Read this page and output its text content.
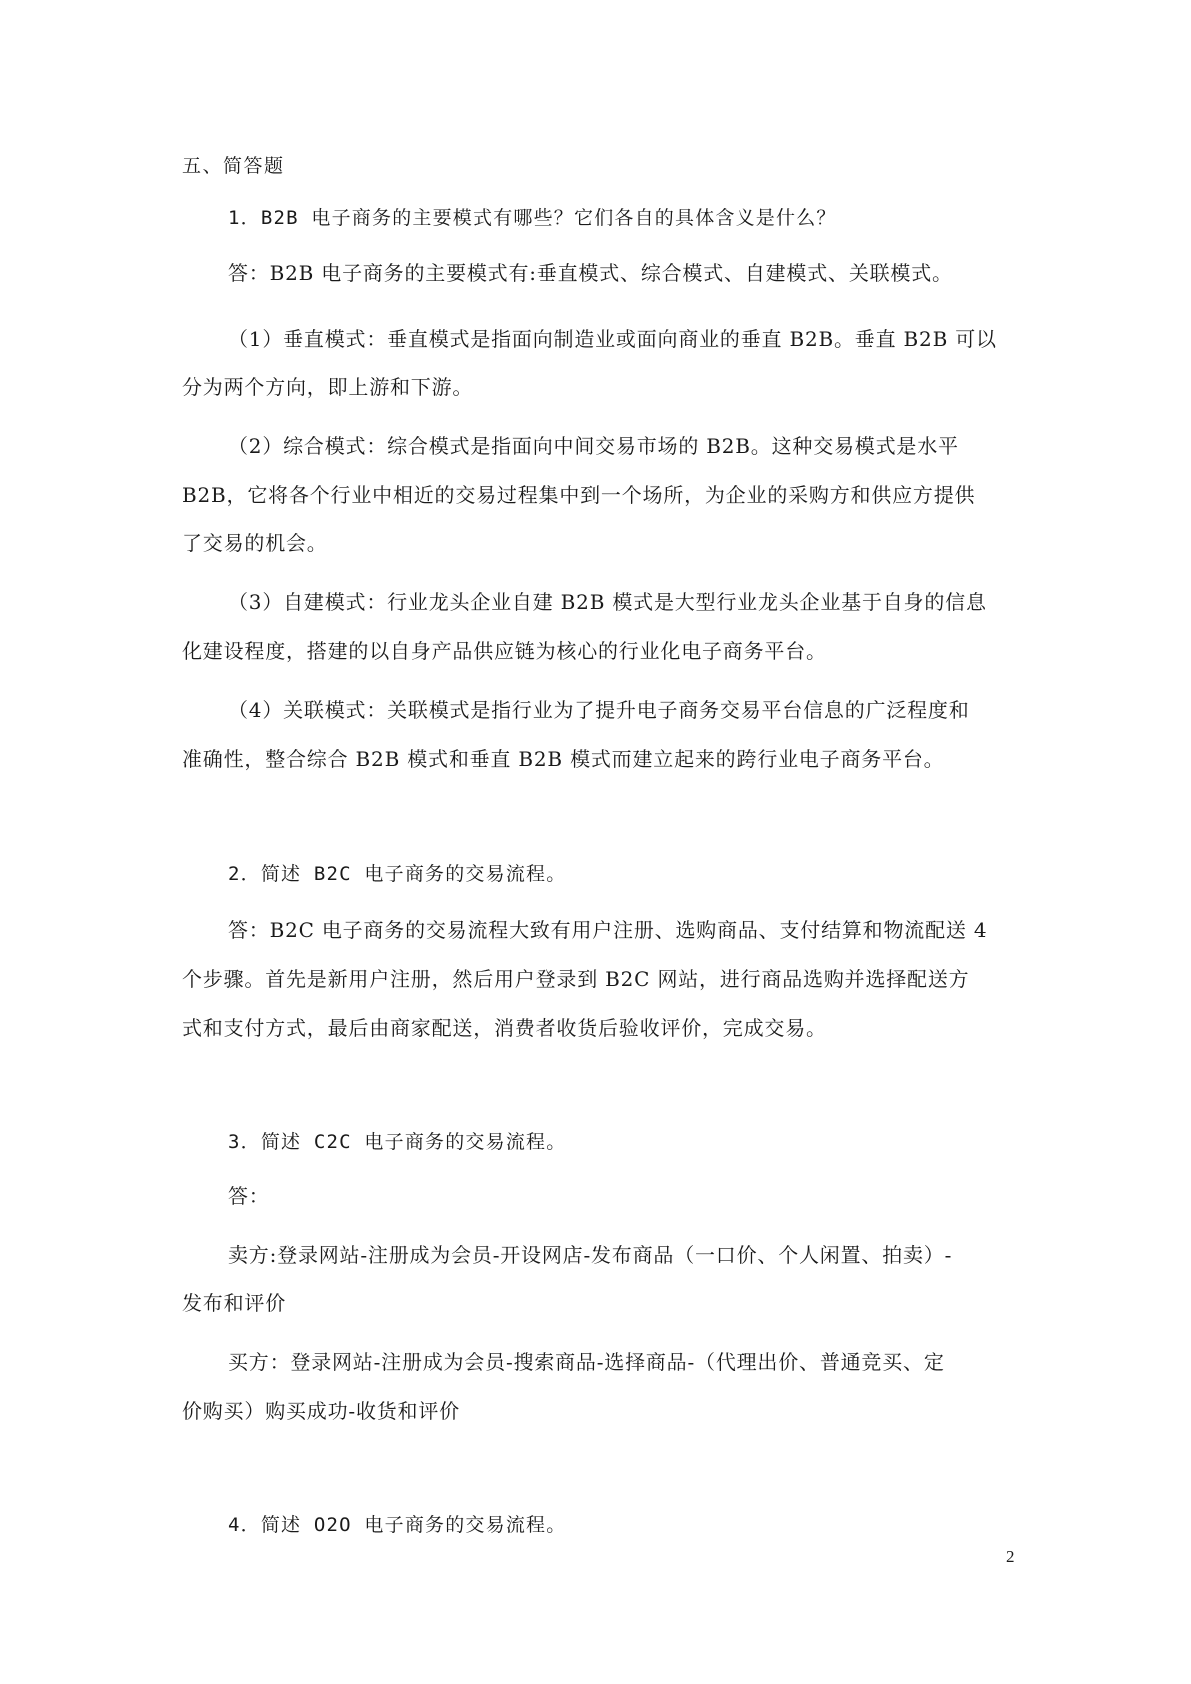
五、简答题
1．B2B 电子商务的主要模式有哪些？它们各自的具体含义是什么？
答：B2B 电子商务的主要模式有:垂直模式、综合模式、自建模式、关联模式。
（1）垂直模式：垂直模式是指面向制造业或面向商业的垂直 B2B。垂直 B2B 可以
分为两个方向，即上游和下游。
（2）综合模式：综合模式是指面向中间交易市场的 B2B。这种交易模式是水平
B2B，它将各个行业中相近的交易过程集中到一个场所，为企业的采购方和供应方提供
了交易的机会。
（3）自建模式：行业龙头企业自建 B2B 模式是大型行业龙头企业基于自身的信息
化建设程度，搭建的以自身产品供应链为核心的行业化电子商务平台。
（4）关联模式：关联模式是指行业为了提升电子商务交易平台信息的广泛程度和
准确性，整合综合 B2B 模式和垂直 B2B 模式而建立起来的跨行业电子商务平台。
2．简述 B2C 电子商务的交易流程。
答：B2C 电子商务的交易流程大致有用户注册、选购商品、支付结算和物流配送 4
个步骤。首先是新用户注册，然后用户登录到 B2C 网站，进行商品选购并选择配送方
式和支付方式，最后由商家配送，消费者收货后验收评价，完成交易。
3．简述 C2C 电子商务的交易流程。
答：
卖方:登录网站-注册成为会员-开设网店-发布商品（一口价、个人闲置、拍卖）-
发布和评价
买方：登录网站-注册成为会员-搜索商品-选择商品-（代理出价、普通竞买、定
价购买）购买成功-收货和评价
4．简述 O2O 电子商务的交易流程。
2
